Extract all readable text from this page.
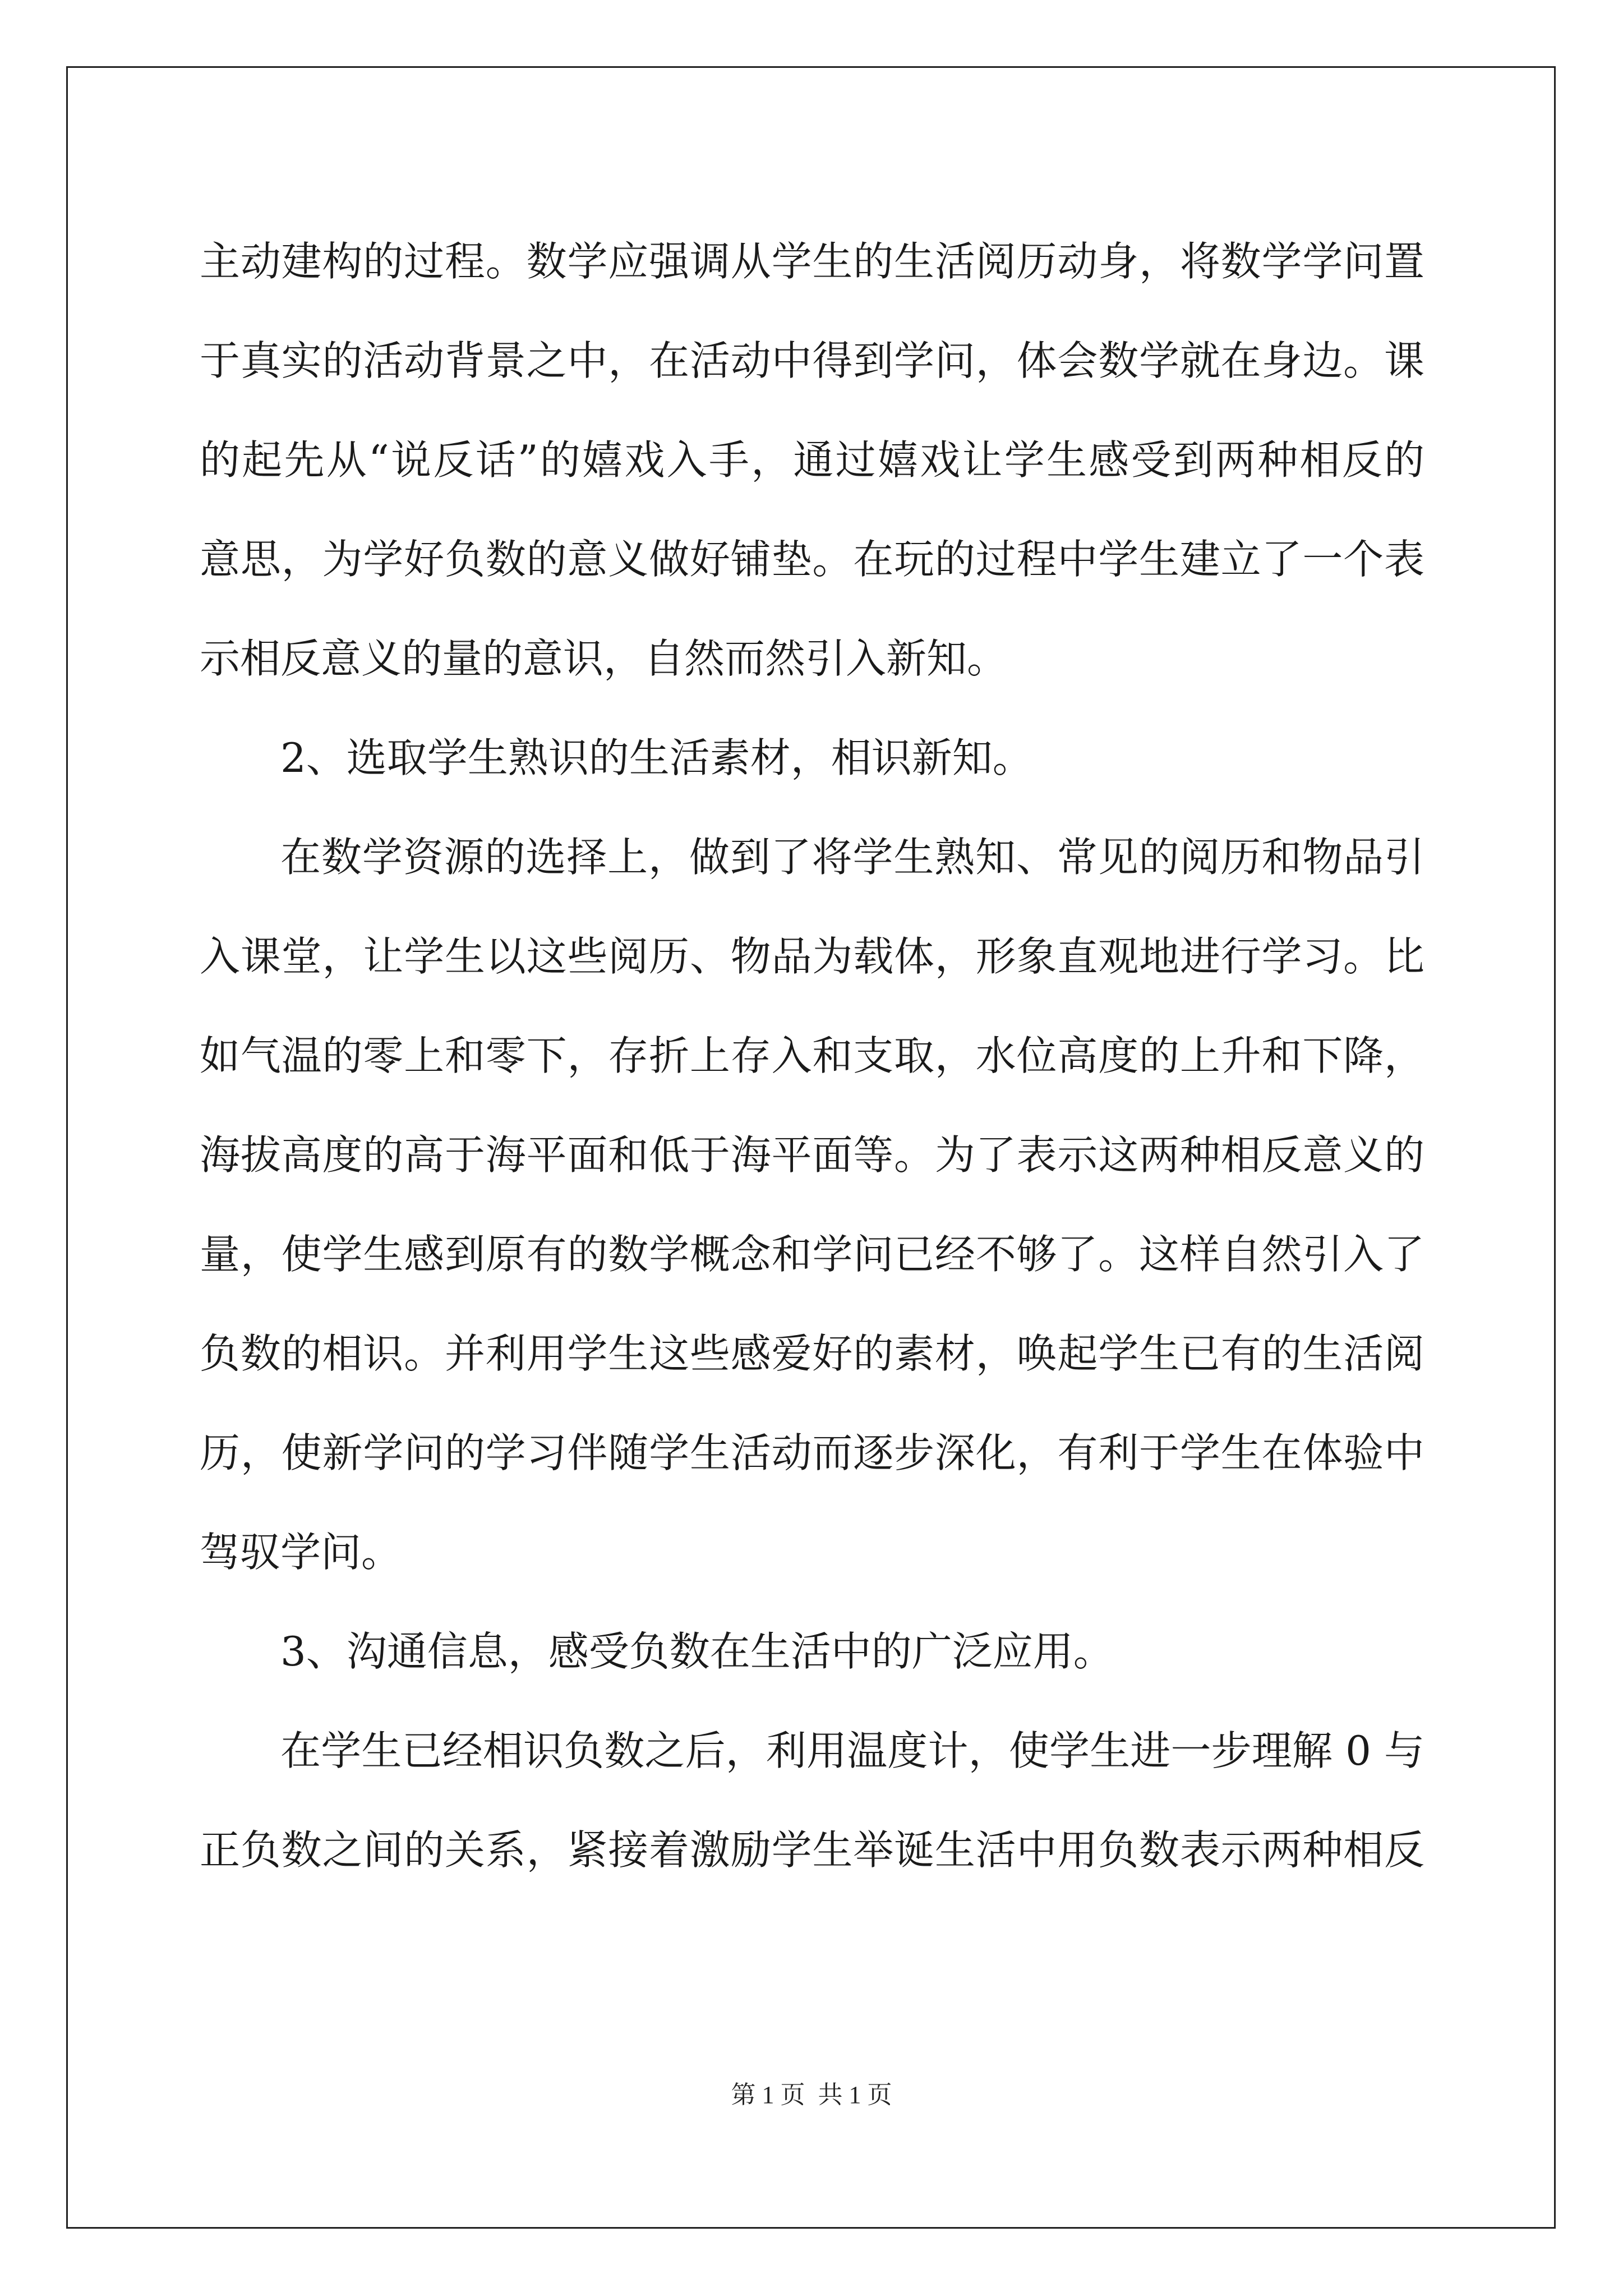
主动建构的过程。数学应强调从学生的生活阅历动身，将数学学问置
于真实的活动背景之中，在活动中得到学问，体会数学就在身边。课
的起先从“说反话”的嬉戏入手，通过嬉戏让学生感受到两种相反的
意思，为学好负数的意义做好铺垫。在玩的过程中学生建立了一个表
示相反意义的量的意识，自然而然引入新知。
2、选取学生熟识的生活素材，相识新知。
在数学资源的选择上，做到了将学生熟知、常见的阅历和物品引
入课堂，让学生以这些阅历、物品为载体，形象直观地进行学习。比
如气温的零上和零下，存折上存入和支取，水位高度的上升和下降，
海拔高度的高于海平面和低于海平面等。为了表示这两种相反意义的
量，使学生感到原有的数学概念和学问已经不够了。这样自然引入了
负数的相识。并利用学生这些感爱好的素材，唤起学生已有的生活阅
历，使新学问的学习伴随学生活动而逐步深化，有利于学生在体验中
驾驭学问。
3、沟通信息，感受负数在生活中的广泛应用。
在学生已经相识负数之后，利用温度计，使学生进一步理解 0 与
正负数之间的关系，紧接着激励学生举诞生活中用负数表示两种相反
第 1 页 共 1 页
